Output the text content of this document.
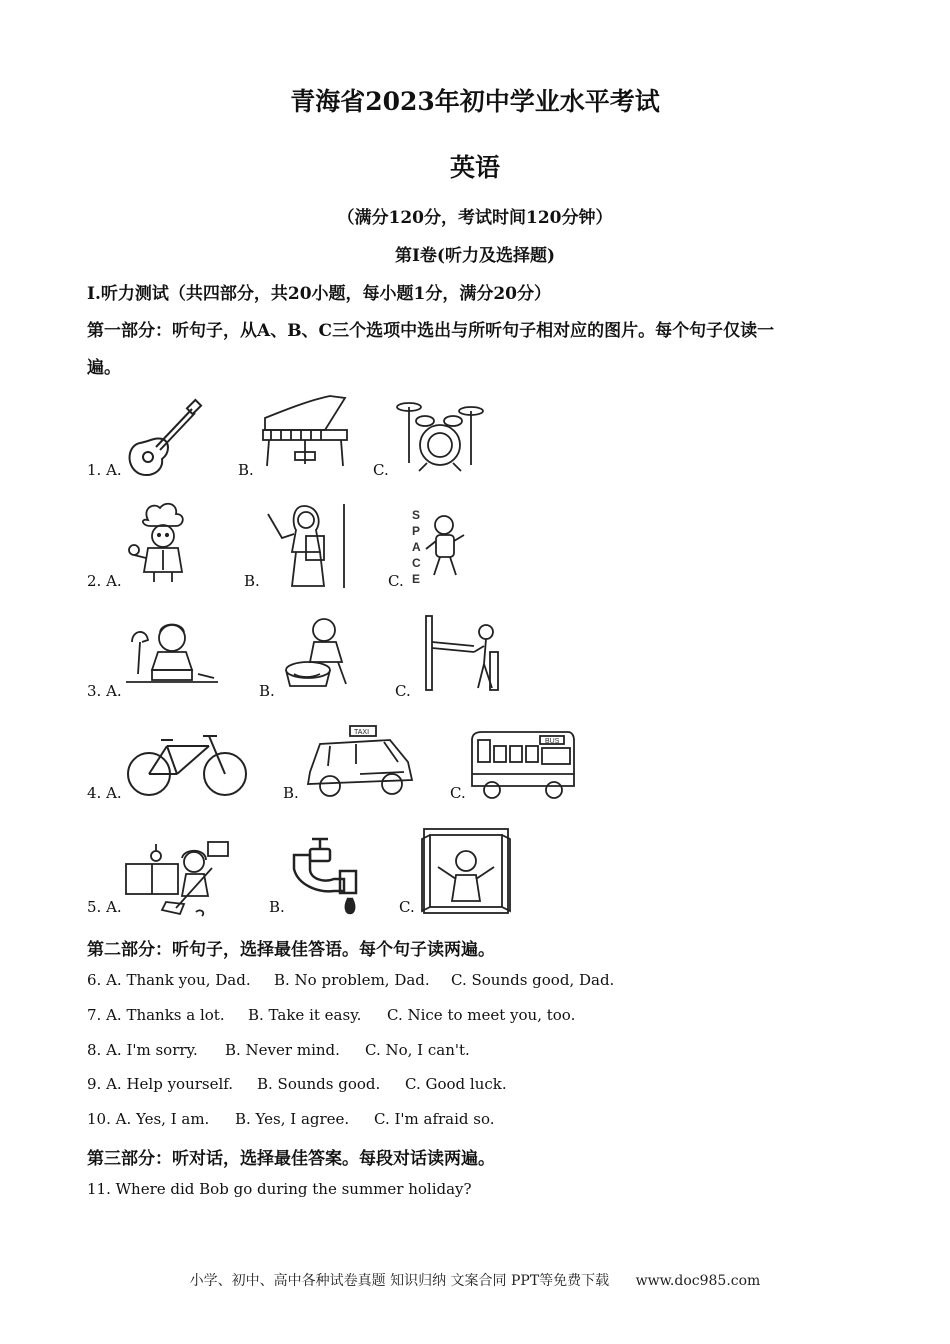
青海省2023年初中学业水平考试
英语
（满分120分，考试时间120分钟）
第I卷(听力及选择题)
I.听力测试（共四部分，共20小题，每小题1分，满分20分）
第一部分：听句子，从A、B、C三个选项中选出与所听句子相对应的图片。每个句子仅读一
遍。
1. A.	B.	C.
2. A.	B.	C.
S
P
A
C
E
3. A.	B.	C.
4. A.	B.	C.
TAXI
BUS
5. A.	B.	C.
第二部分：听句子，选择最佳答语。每个句子读两遍。
6. A. Thank you, Dad. B. No problem, Dad. C. Sounds good, Dad.
7. A. Thanks a lot. B. Take it easy. C. Nice to meet you, too.
8. A. I'm sorry. B. Never mind. C. No, I can't.
9. A. Help yourself. B. Sounds good. C. Good luck.
10. A. Yes, I am. B. Yes, I agree. C. I'm afraid so.
第三部分：听对话，选择最佳答案。每段对话读两遍。
11. Where did Bob go during the summer holiday?
小学、初中、高中各种试卷真题 知识归纳 文案合同 PPT等免费下载 www.doc985.com
